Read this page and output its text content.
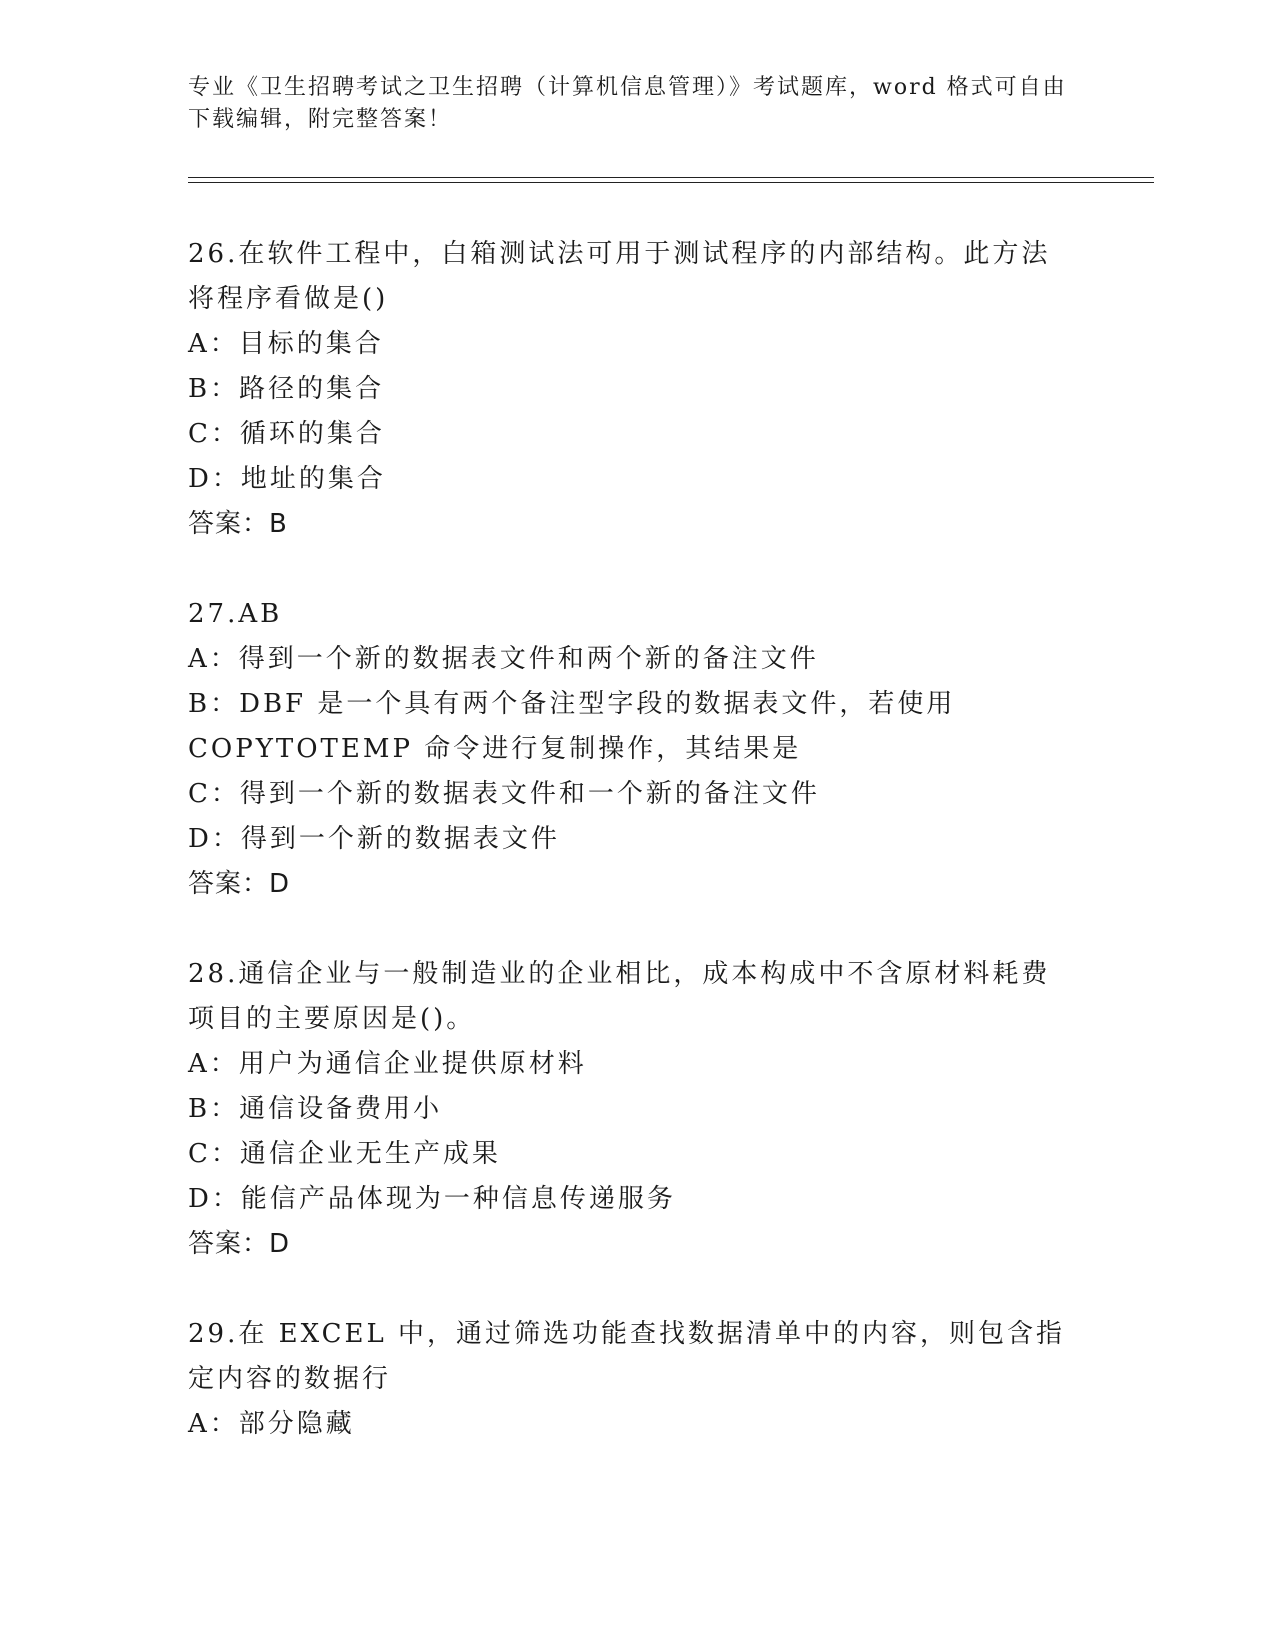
专业《卫生招聘考试之卫生招聘（计算机信息管理）》考试题库，word 格式可自由下载编辑，附完整答案！

26.在软件工程中，白箱测试法可用于测试程序的内部结构。此方法将程序看做是()

A：目标的集合

B：路径的集合

C：循环的集合

D：地址的集合

答案：B

27.AB

A：得到一个新的数据表文件和两个新的备注文件

B：DBF 是一个具有两个备注型字段的数据表文件，若使用 COPYTOTEMP 命令进行复制操作，其结果是

C：得到一个新的数据表文件和一个新的备注文件

D：得到一个新的数据表文件

答案：D

28.通信企业与一般制造业的企业相比，成本构成中不含原材料耗费项目的主要原因是()。

A：用户为通信企业提供原材料

B：通信设备费用小

C：通信企业无生产成果

D：能信产品体现为一种信息传递服务

答案：D

29.在 EXCEL 中，通过筛选功能查找数据清单中的内容，则包含指定内容的数据行

A：部分隐藏
